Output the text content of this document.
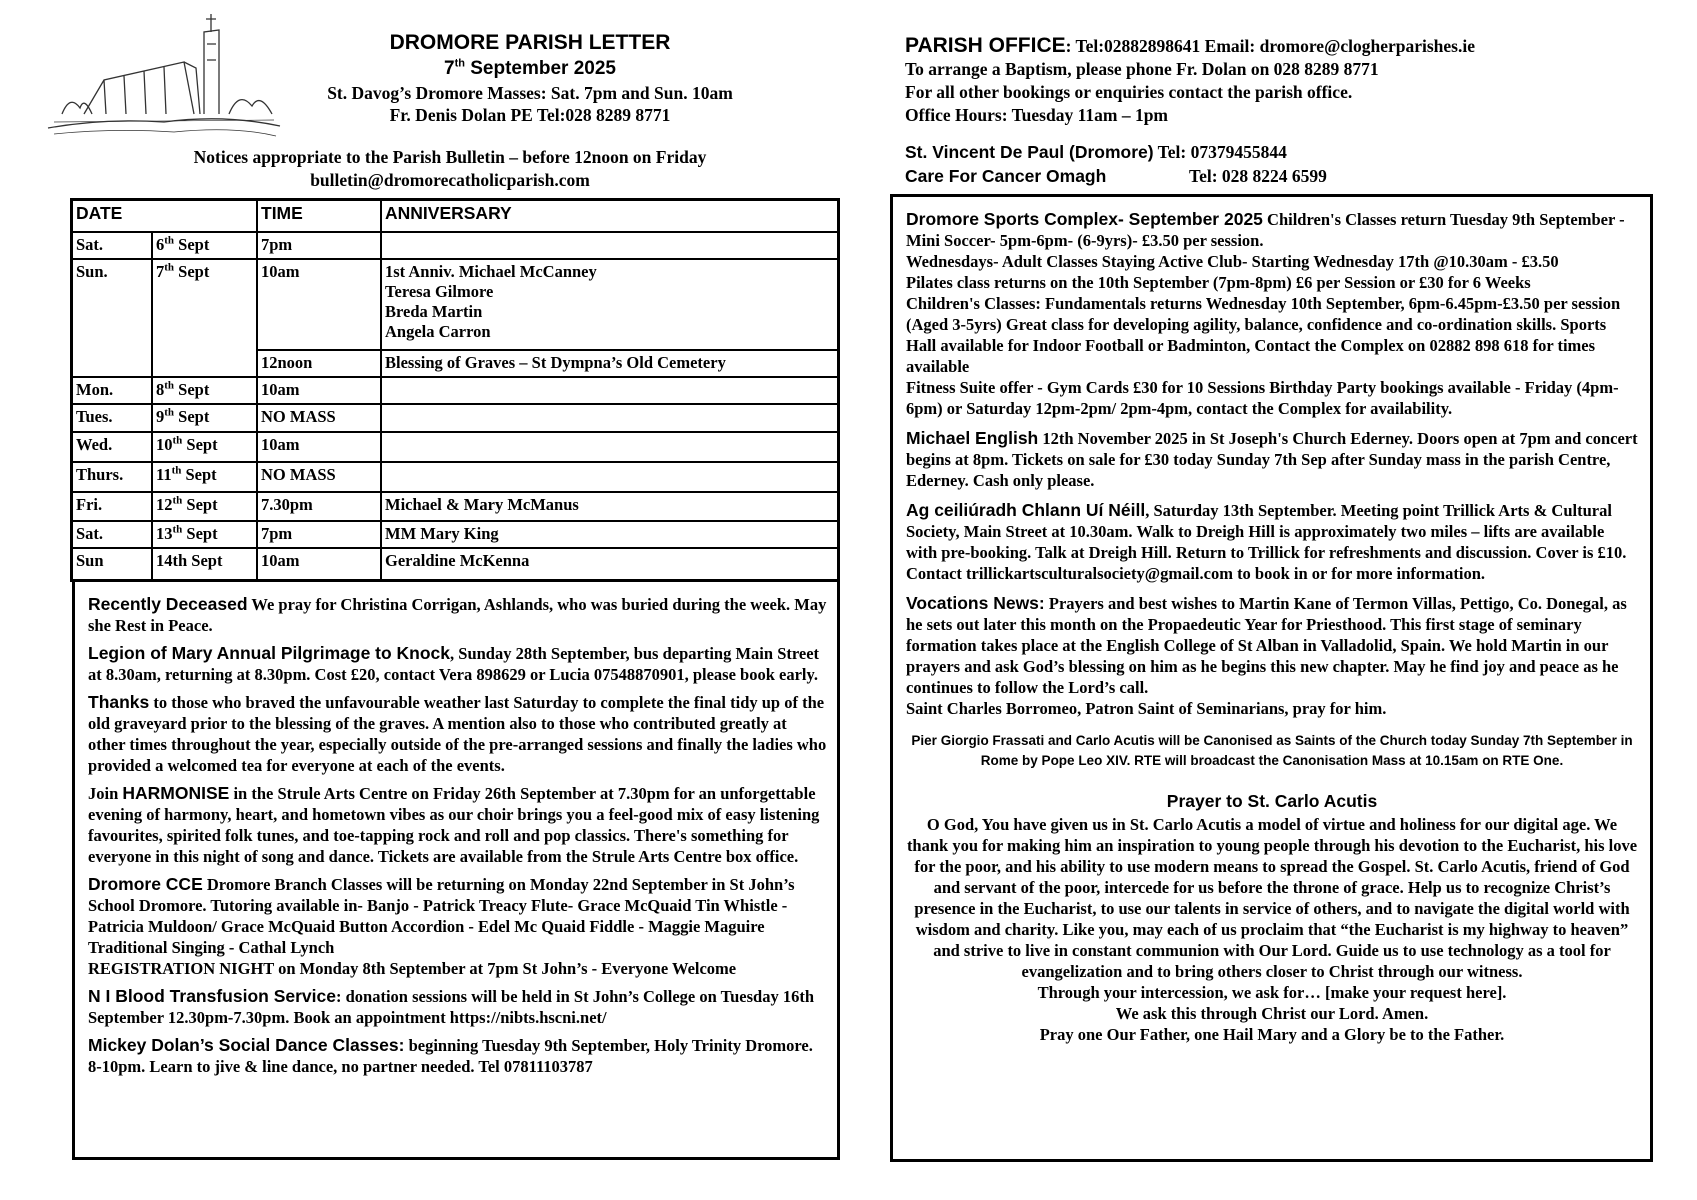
DROMORE PARISH LETTER
7th September 2025
St. Davog’s Dromore Masses: Sat. 7pm and Sun. 10am
Fr. Denis Dolan PE Tel:028 8289 8771
Notices appropriate to the Parish Bulletin – before 12noon on Friday
bulletin@dromorecatholicparish.com
DATE		TIME	ANNIVERSARY
Sat.	6th Sept	7pm	

Sun.	7th Sept	10am	1st Anniv. Michael McCanney
Teresa Gilmore
Breda Martin
Angela Carron

		12noon	Blessing of Graves – St Dympna’s Old Cemetery

Mon.	8th Sept	10am	

Tues.	9th Sept	NO MASS	

Wed.	10th Sept	10am	

Thurs.	11th Sept	NO MASS	

Fri.	12th Sept	7.30pm	Michael & Mary McManus

Sat.	13th Sept	7pm	MM Mary King

Sun	14th Sept	10am	Geraldine McKenna
Recently Deceased We pray for Christina Corrigan, Ashlands, who was buried during the week. May she Rest in Peace.
Legion of Mary Annual Pilgrimage to Knock, Sunday 28th September, bus departing Main Street at 8.30am, returning at 8.30pm. Cost £20, contact Vera 898629 or Lucia 07548870901, please book early.
Thanks to those who braved the unfavourable weather last Saturday to complete the final tidy up of the old graveyard prior to the blessing of the graves. A mention also to those who contributed greatly at other times throughout the year, especially outside of the pre-arranged sessions and finally the ladies who provided a welcomed tea for everyone at each of the events.
Join HARMONISE in the Strule Arts Centre on Friday 26th September at 7.30pm for an unforgettable evening of harmony, heart, and hometown vibes as our choir brings you a feel-good mix of easy listening favourites, spirited folk tunes, and toe-tapping rock and roll and pop classics. There's something for everyone in this night of song and dance. Tickets are available from the Strule Arts Centre box office.
Dromore CCE Dromore Branch Classes will be returning on Monday 22nd September in St John’s School Dromore. Tutoring available in- Banjo - Patrick Treacy Flute- Grace McQuaid Tin Whistle - Patricia Muldoon/ Grace McQuaid Button Accordion - Edel Mc Quaid Fiddle - Maggie Maguire Traditional Singing - Cathal Lynch
REGISTRATION NIGHT on Monday 8th September at 7pm St John’s - Everyone Welcome
N I Blood Transfusion Service: donation sessions will be held in St John’s College on Tuesday 16th September 12.30pm-7.30pm. Book an appointment https://nibts.hscni.net/
Mickey Dolan’s Social Dance Classes: beginning Tuesday 9th September, Holy Trinity Dromore. 8-10pm. Learn to jive & line dance, no partner needed. Tel 07811103787
PARISH OFFICE: Tel:02882898641 Email: dromore@clogherparishes.ie
To arrange a Baptism, please phone Fr. Dolan on 028 8289 8771
For all other bookings or enquiries contact the parish office.
Office Hours: Tuesday 11am – 1pm
St. Vincent De Paul (Dromore) Tel: 07379455844
Care For Cancer Omagh	Tel: 028 8224 6599
Dromore Sports Complex- September 2025 Children's Classes return Tuesday 9th September - Mini Soccer- 5pm-6pm- (6-9yrs)- £3.50 per session.
Wednesdays- Adult Classes Staying Active Club- Starting Wednesday 17th @10.30am - £3.50
Pilates class returns on the 10th September (7pm-8pm) £6 per Session or £30 for 6 Weeks
Children's Classes: Fundamentals returns Wednesday 10th September, 6pm-6.45pm-£3.50 per session (Aged 3-5yrs) Great class for developing agility, balance, confidence and co-ordination skills. Sports Hall available for Indoor Football or Badminton, Contact the Complex on 02882 898 618 for times available
Fitness Suite offer - Gym Cards £30 for 10 Sessions Birthday Party bookings available - Friday (4pm-6pm) or Saturday 12pm-2pm/ 2pm-4pm, contact the Complex for availability.
Michael English 12th November 2025 in St Joseph's Church Ederney. Doors open at 7pm and concert begins at 8pm. Tickets on sale for £30 today Sunday 7th Sep after Sunday mass in the parish Centre, Ederney. Cash only please.
Ag ceiliúradh Chlann Uí Néill, Saturday 13th September. Meeting point Trillick Arts & Cultural Society, Main Street at 10.30am. Walk to Dreigh Hill is approximately two miles – lifts are available with pre-booking. Talk at Dreigh Hill. Return to Trillick for refreshments and discussion. Cover is £10. Contact trillickartsculturalsociety@gmail.com to book in or for more information.
Vocations News: Prayers and best wishes to Martin Kane of Termon Villas, Pettigo, Co. Donegal, as he sets out later this month on the Propaedeutic Year for Priesthood. This first stage of seminary formation takes place at the English College of St Alban in Valladolid, Spain. We hold Martin in our prayers and ask God’s blessing on him as he begins this new chapter. May he find joy and peace as he continues to follow the Lord’s call.
Saint Charles Borromeo, Patron Saint of Seminarians, pray for him.
Pier Giorgio Frassati and Carlo Acutis will be Canonised as Saints of the Church today Sunday 7th September in Rome by Pope Leo XIV. RTE will broadcast the Canonisation Mass at 10.15am on RTE One.
Prayer to St. Carlo Acutis
O God, You have given us in St. Carlo Acutis a model of virtue and holiness for our digital age. We thank you for making him an inspiration to young people through his devotion to the Eucharist, his love for the poor, and his ability to use modern means to spread the Gospel. St. Carlo Acutis, friend of God and servant of the poor, intercede for us before the throne of grace. Help us to recognize Christ’s presence in the Eucharist, to use our talents in service of others, and to navigate the digital world with wisdom and charity. Like you, may each of us proclaim that “the Eucharist is my highway to heaven” and strive to live in constant communion with Our Lord. Guide us to use technology as a tool for evangelization and to bring others closer to Christ through our witness.
Through your intercession, we ask for… [make your request here].
We ask this through Christ our Lord. Amen.
Pray one Our Father, one Hail Mary and a Glory be to the Father.
